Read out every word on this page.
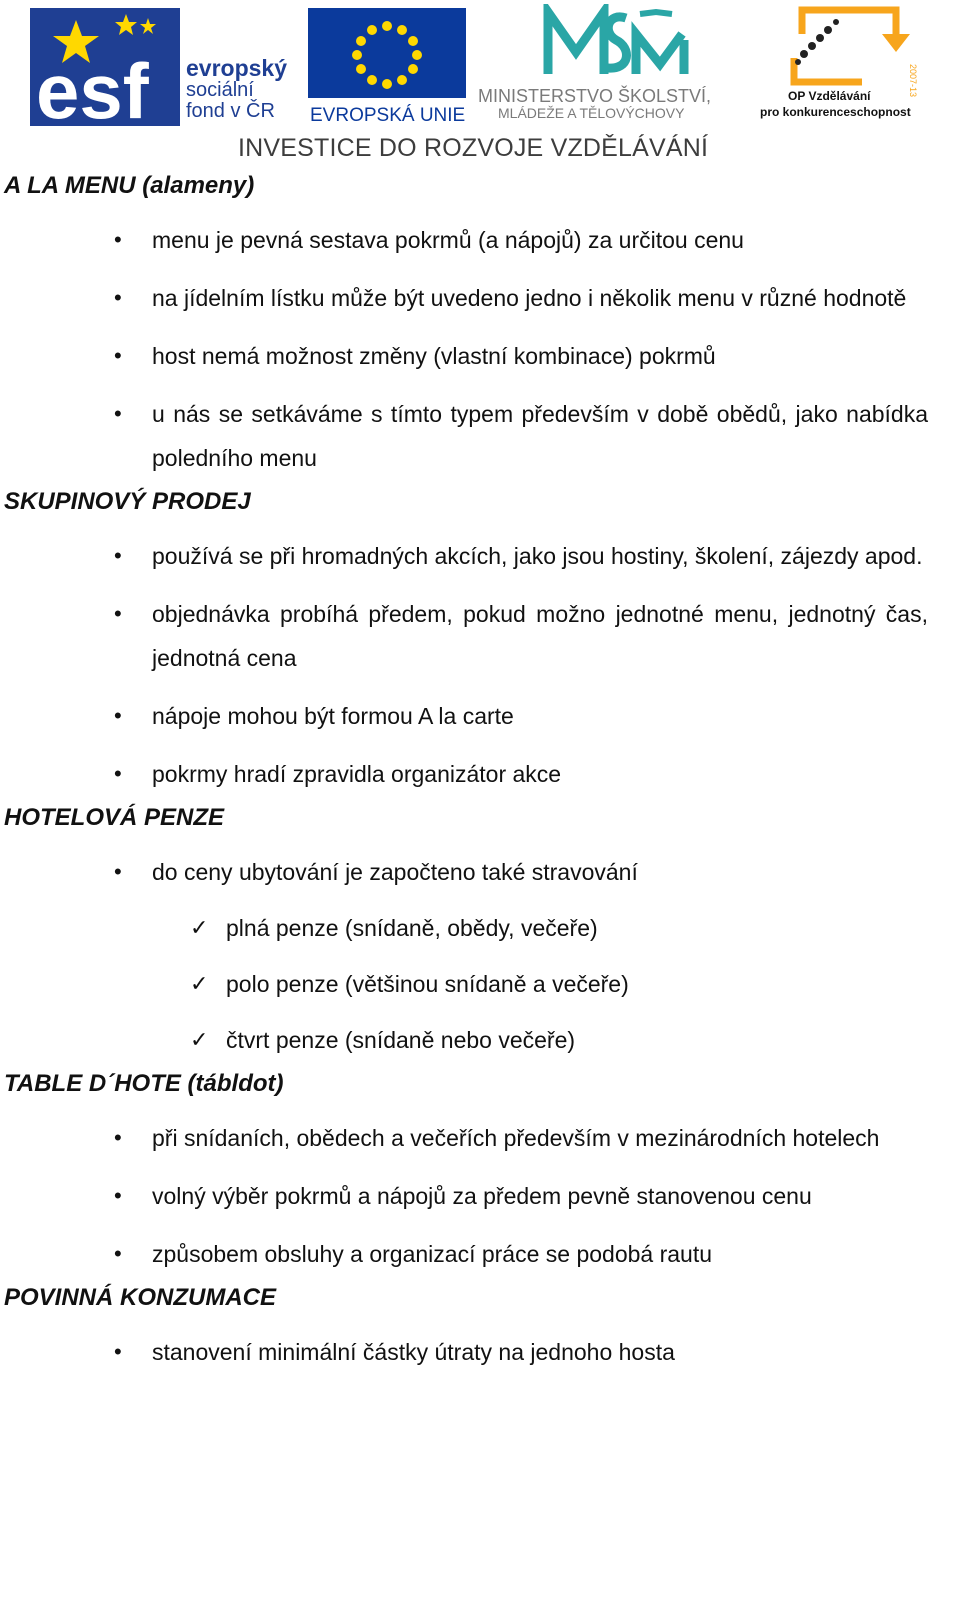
esf evropský
sociální
fond v ČR EVROPSKÁ UNIE
MINISTERSTVO ŠKOLSTVÍ,
MLÁDEŽE A TĚLOVÝCHOVY
2007-13
OP Vzdělávání
pro konkurenceschopnost
INVESTICE DO ROZVOJE VZDĚLÁVÁNÍ
A LA MENU (alameny)
• menu je pevná sestava pokrmů (a nápojů) za určitou cenu
• na jídelním lístku může být uvedeno jedno i několik menu v různé hodnotě
• host nemá možnost změny (vlastní kombinace) pokrmů
• u nás se setkáváme s tímto typem především v době obědů, jako nabídka poledního menu
SKUPINOVÝ PRODEJ
• používá se při hromadných akcích, jako jsou hostiny, školení, zájezdy apod.
• objednávka probíhá předem, pokud možno jednotné menu, jednotný čas, jednotná cena
• nápoje mohou být formou A la carte
• pokrmy hradí zpravidla organizátor akce
HOTELOVÁ PENZE
• do ceny ubytování je započteno také stravování
✓ plná penze (snídaně, obědy, večeře)
✓ polo penze (většinou snídaně a večeře)
✓ čtvrt penze (snídaně nebo večeře)
TABLE D´HOTE (tábldot)
• při snídaních, obědech a večeřích především v mezinárodních hotelech
• volný výběr pokrmů a nápojů za předem pevně stanovenou cenu
• způsobem obsluhy a organizací práce se podobá rautu
POVINNÁ KONZUMACE
• stanovení minimální částky útraty na jednoho hosta
